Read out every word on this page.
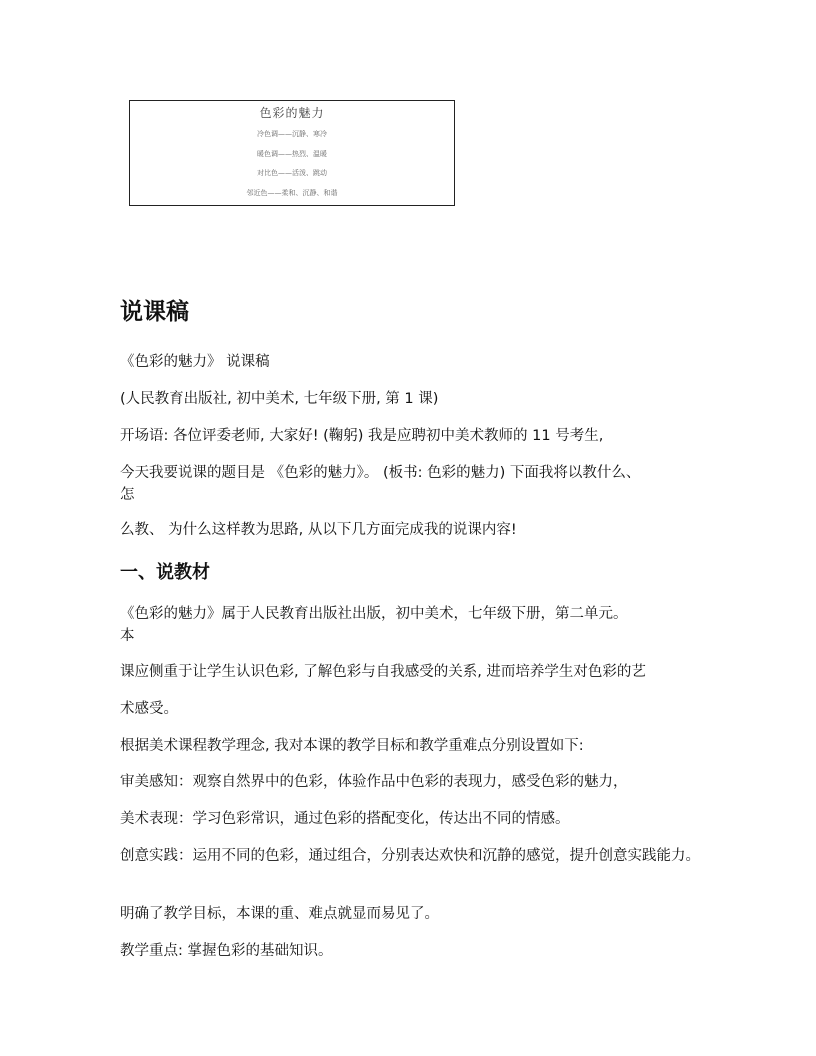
色彩的魅力
冷色调——沉静、寒冷
暖色调——热烈、温暖
对比色——活泼、跳动
邻近色——柔和、沉静、和谐
说课稿

《色彩的魅力》 说课稿

(人民教育出版社, 初中美术, 七年级下册, 第 1 课)

开场语: 各位评委老师, 大家好! (鞠躬) 我是应聘初中美术教师的 11 号考生,

今天我要说课的题目是 《色彩的魅力》。 (板书: 色彩的魅力) 下面我将以教什么、

怎

么教、 为什么这样教为思路, 从以下几方面完成我的说课内容!

一、说教材

《色彩的魅力》属于人民教育出版社出版，初中美术，七年级下册，第二单元。

本

课应侧重于让学生认识色彩, 了解色彩与自我感受的关系, 进而培养学生对色彩的艺

术感受。

根据美术课程教学理念, 我对本课的教学目标和教学重难点分别设置如下:

审美感知：观察自然界中的色彩，体验作品中色彩的表现力，感受色彩的魅力，

美术表现：学习色彩常识，通过色彩的搭配变化，传达出不同的情感。

创意实践：运用不同的色彩，通过组合，分别表达欢快和沉静的感觉，提升创意实践能力。

明确了教学目标，本课的重、难点就显而易见了。

教学重点: 掌握色彩的基础知识。
